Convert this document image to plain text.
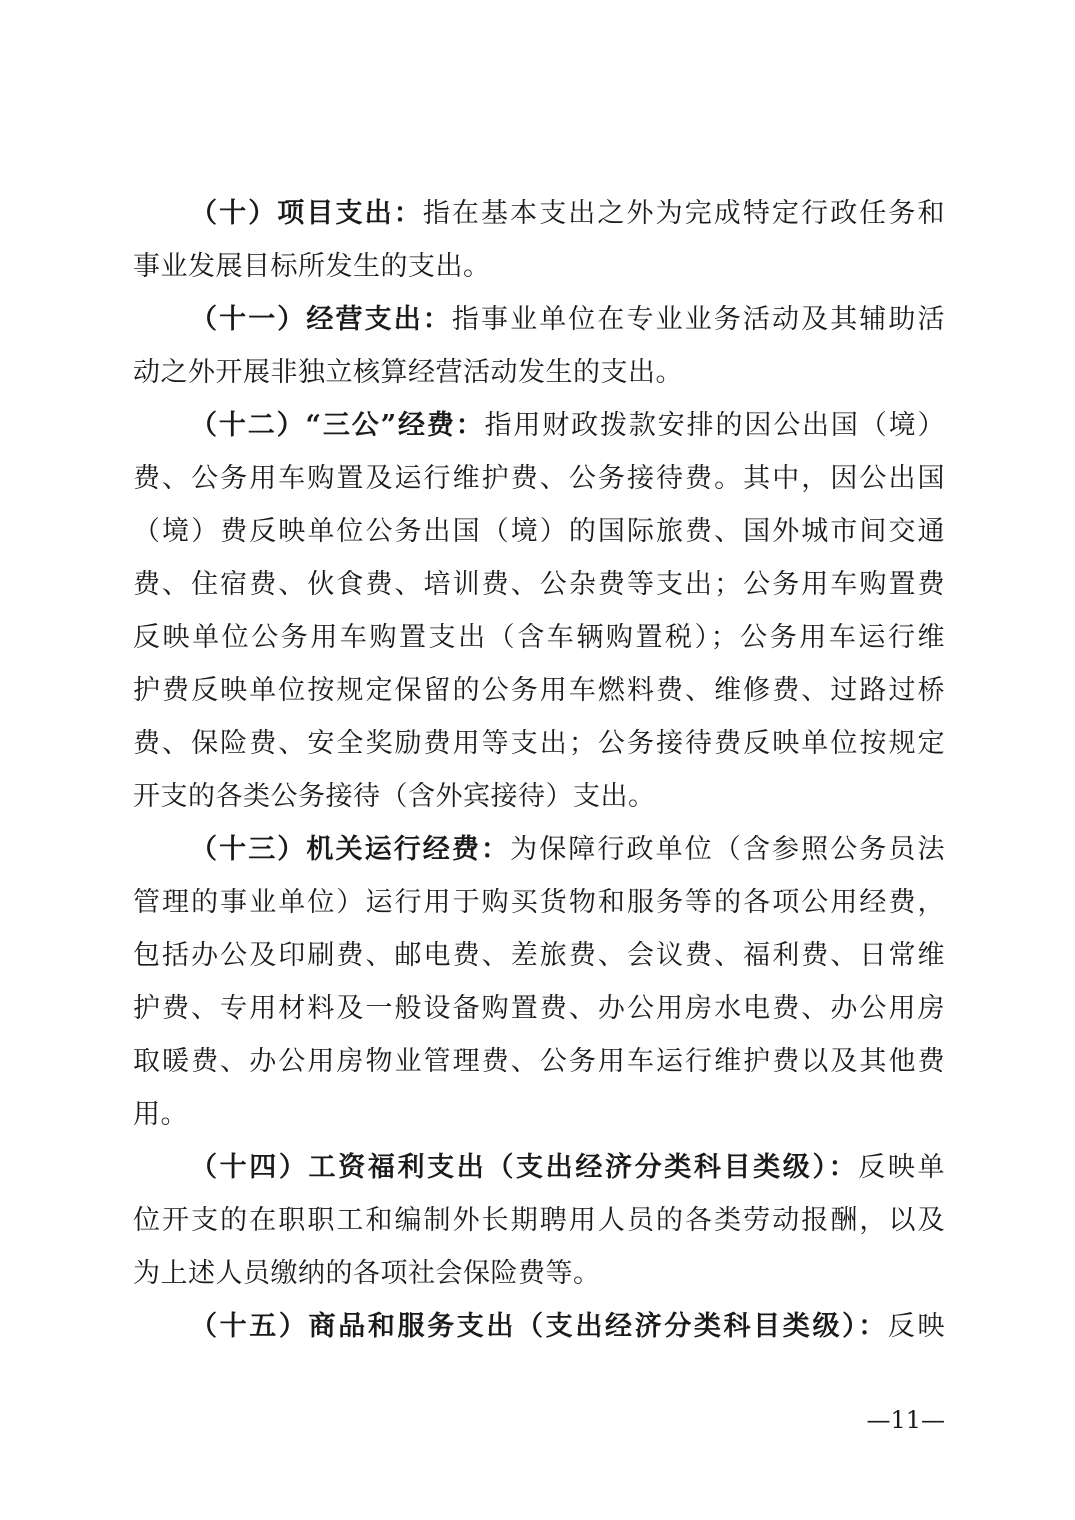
（十）项目支出：指在基本支出之外为完成特定行政任务和
事业发展目标所发生的支出。
（十一）经营支出：指事业单位在专业业务活动及其辅助活
动之外开展非独立核算经营活动发生的支出。
（十二）“三公”经费：指用财政拨款安排的因公出国（境）
费、公务用车购置及运行维护费、公务接待费。其中，因公出国
（境）费反映单位公务出国（境）的国际旅费、国外城市间交通
费、住宿费、伙食费、培训费、公杂费等支出；公务用车购置费
反映单位公务用车购置支出（含车辆购置税）；公务用车运行维
护费反映单位按规定保留的公务用车燃料费、维修费、过路过桥
费、保险费、安全奖励费用等支出；公务接待费反映单位按规定
开支的各类公务接待（含外宾接待）支出。
（十三）机关运行经费：为保障行政单位（含参照公务员法
管理的事业单位）运行用于购买货物和服务等的各项公用经费，
包括办公及印刷费、邮电费、差旅费、会议费、福利费、日常维
护费、专用材料及一般设备购置费、办公用房水电费、办公用房
取暖费、办公用房物业管理费、公务用车运行维护费以及其他费
用。
（十四）工资福利支出（支出经济分类科目类级）：反映单
位开支的在职职工和编制外长期聘用人员的各类劳动报酬，以及
为上述人员缴纳的各项社会保险费等。
（十五）商品和服务支出（支出经济分类科目类级）：反映
—11—
